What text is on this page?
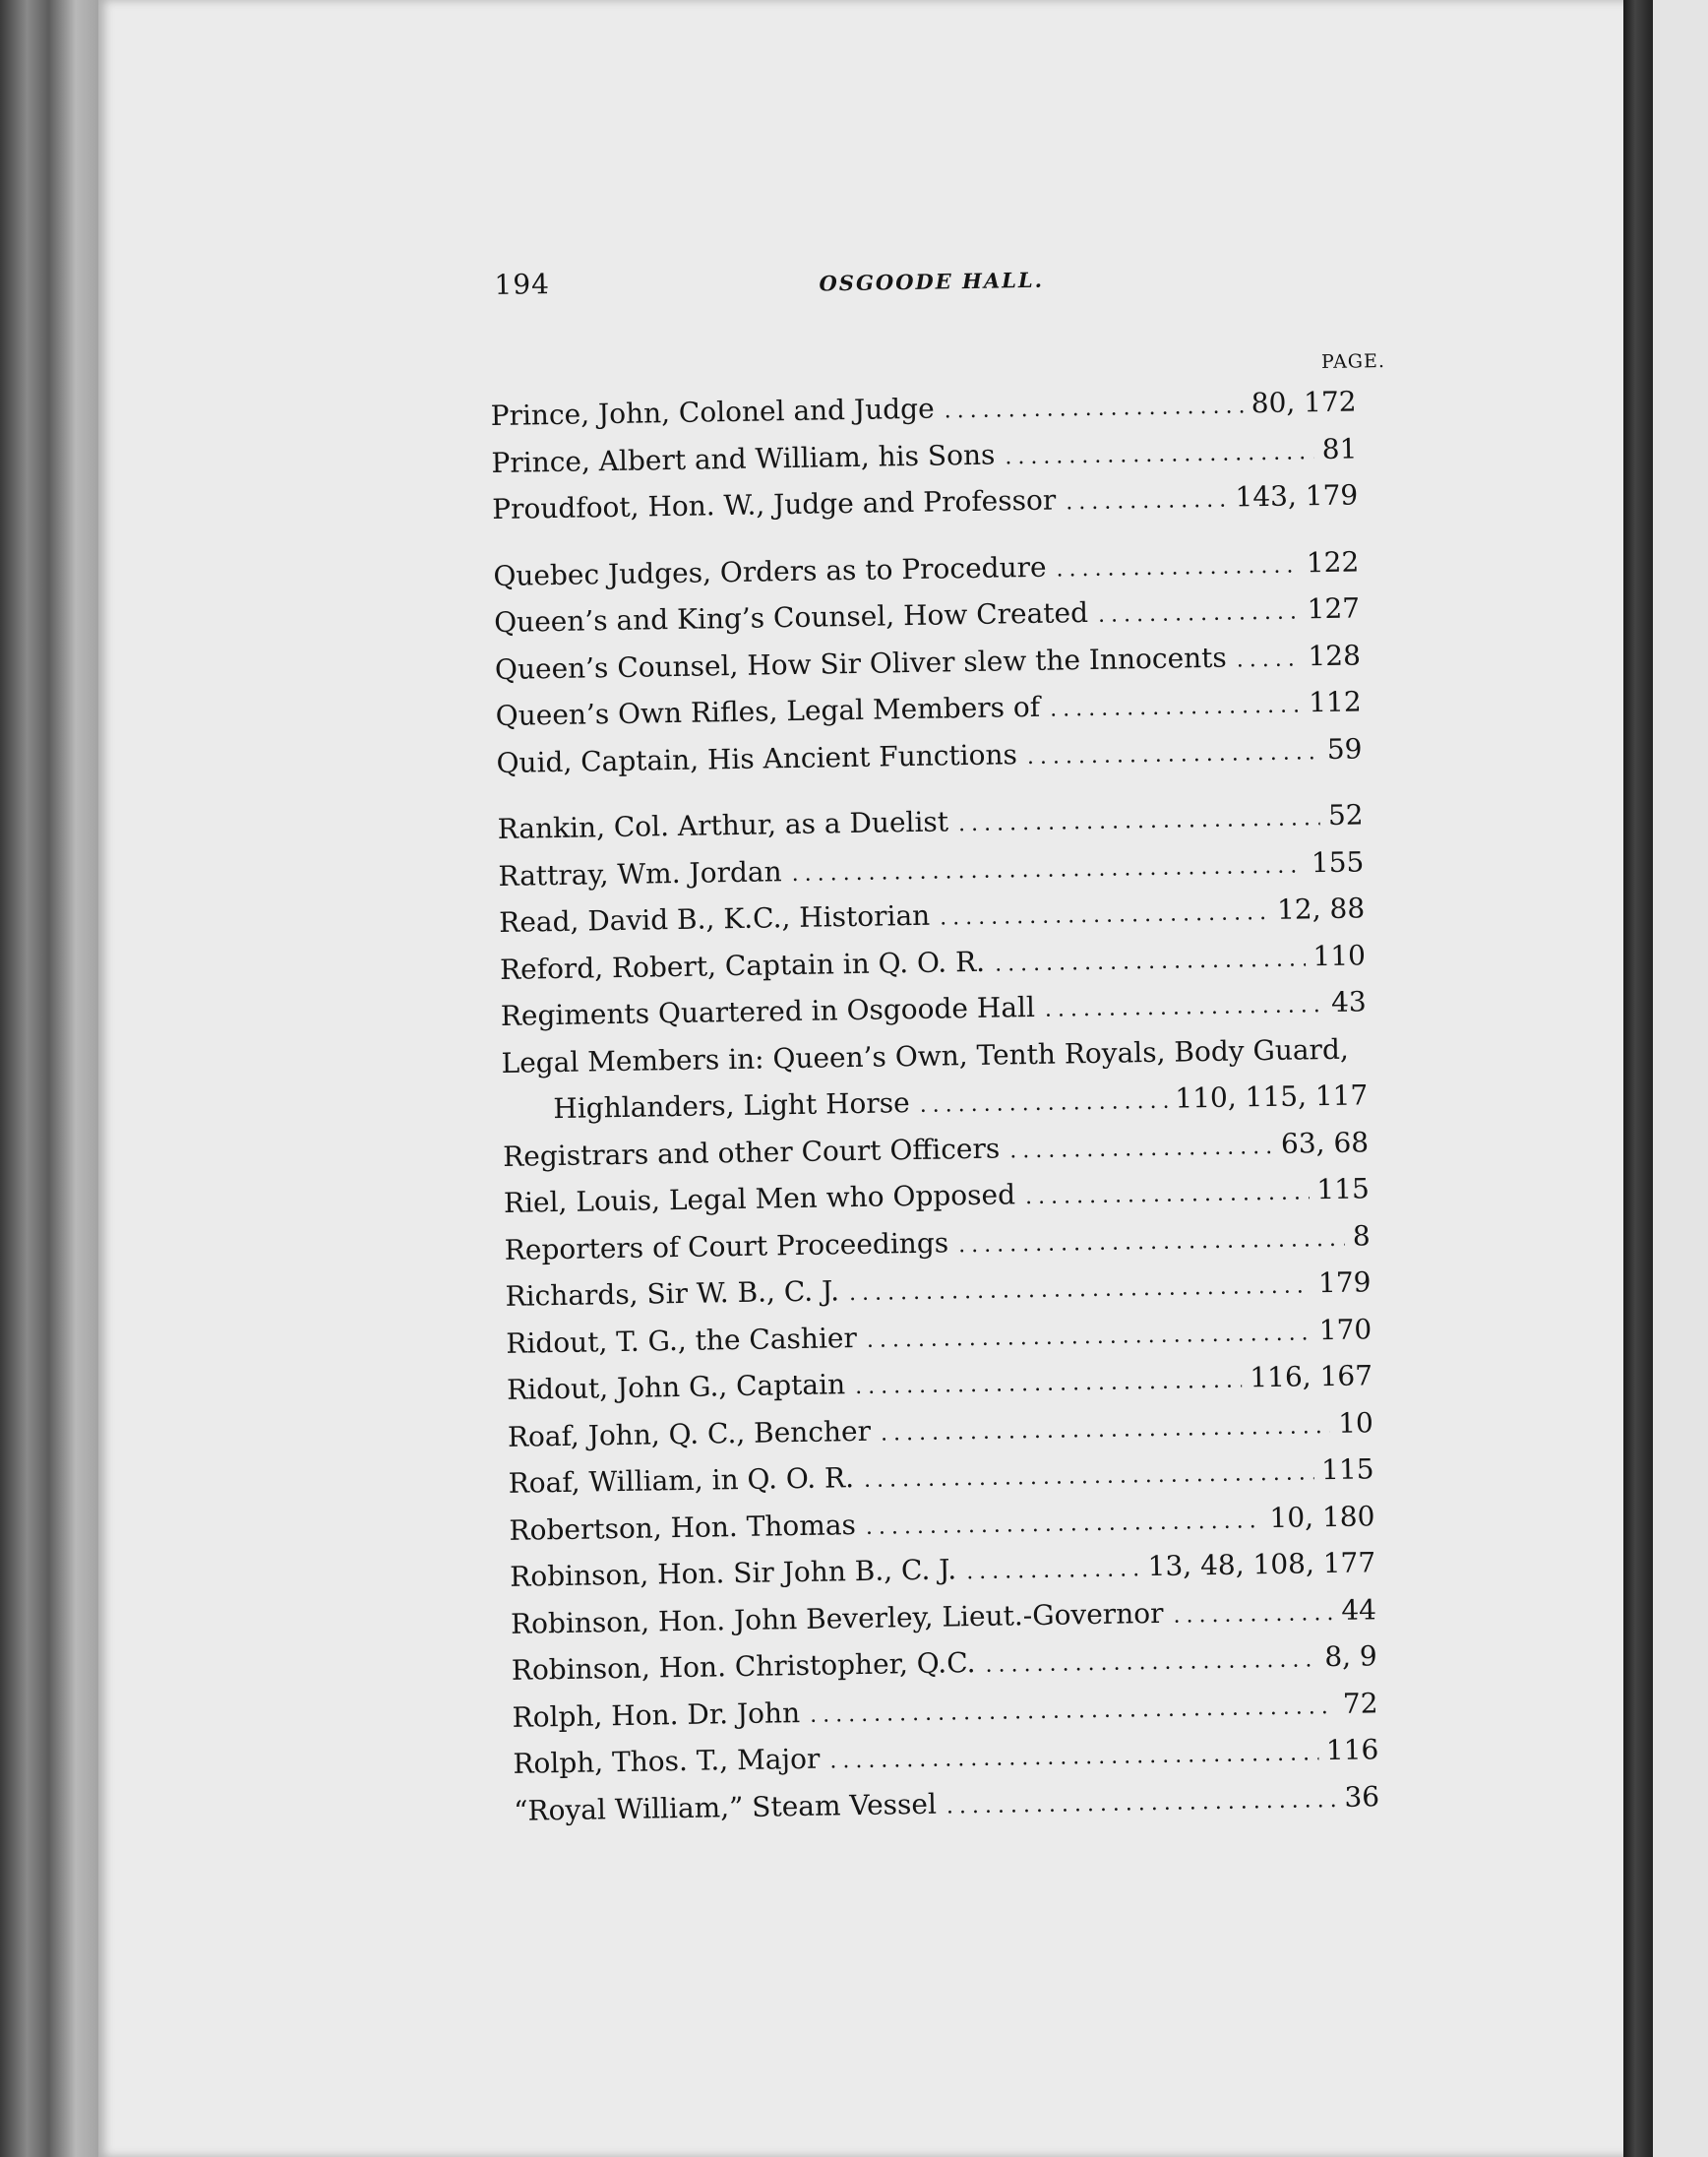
194	OSGOODE HALL.
PAGE.
Prince, John, Colonel and Judge .....	80, 172
Prince, Albert and William, his Sons .....	81
Proudfoot, Hon. W., Judge and Professor .....	143, 179
Quebec Judges, Orders as to Procedure .....	122
Queen’s and King’s Counsel, How Created .....	127
Queen’s Counsel, How Sir Oliver slew the Innocents .....	128
Queen’s Own Rifles, Legal Members of .....	112
Quid, Captain, His Ancient Functions .....	59
Rankin, Col. Arthur, as a Duelist .....	52
Rattray, Wm. Jordan .....	155
Read, David B., K.C., Historian .....	12, 88
Reford, Robert, Captain in Q. O. R. .....	110
Regiments Quartered in Osgoode Hall .....	43
Legal Members in: Queen’s Own, Tenth Royals, Body Guard,
Highlanders, Light Horse .....	110, 115, 117
Registrars and other Court Officers .....	63, 68
Riel, Louis, Legal Men who Opposed .....	115
Reporters of Court Proceedings .....	8
Richards, Sir W. B., C. J. .....	179
Ridout, T. G., the Cashier .....	170
Ridout, John G., Captain .....	116, 167
Roaf, John, Q. C., Bencher .....	10
Roaf, William, in Q. O. R. .....	115
Robertson, Hon. Thomas .....	10, 180
Robinson, Hon. Sir John B., C. J. .....	13, 48, 108, 177
Robinson, Hon. John Beverley, Lieut.-Governor .....	44
Robinson, Hon. Christopher, Q.C. .....	8, 9
Rolph, Hon. Dr. John .....	72
Rolph, Thos. T., Major .....	116
“Royal William,” Steam Vessel .....	36
